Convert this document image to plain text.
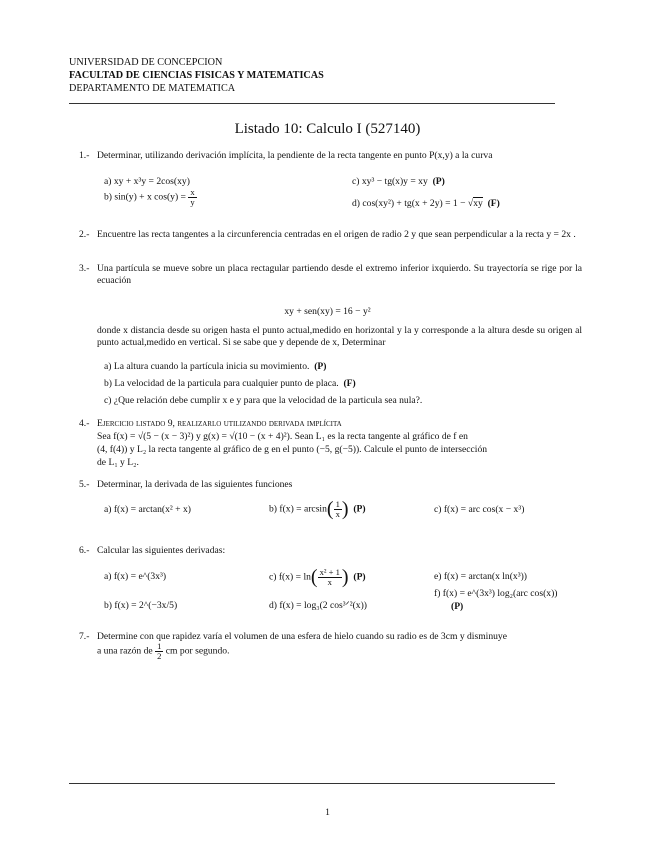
UNIVERSIDAD DE CONCEPCION
FACULTAD DE CIENCIAS FISICAS Y MATEMATICAS
DEPARTAMENTO DE MATEMATICA
Listado 10: Calculo I (527140)
1.- Determinar, utilizando derivación implícita, la pendiente de la recta tangente en punto P(x,y) a la curva
a) xy + x³y = 2cos(xy)
b) sin(y) + x $\cos(y) = \frac{x}{y}$
c) xy³ − tg(x)y = xy (P)
d) cos(xy²) + tg(x + 2y) = 1 − √xy (F)
2.- Encuentre las recta tangentes a la circunferencia centradas en el origen de radio 2 y que sean perpendicular a la recta y = 2x .
3.- Una partícula se mueve sobre un placa rectagular partiendo desde el extremo inferior ixquierdo. Su trayectoría se rige por la ecuación
xy + sen(xy) = 16 − y²
donde x distancia desde su origen hasta el punto actual,medido en horizontal y la y corresponde a la altura desde su origen al punto actual,medido en vertical. Si se sabe que y depende de x, Determinar
a) La altura cuando la partícula inicia su movimiento. (P)
b) La velocidad de la particula para cualquier punto de placa. (F)
c) ¿Que relación debe cumplir x e y para que la velocidad de la particula sea nula?.
4.- Ejercicio listado 9, realizarlo utilizando derivada implícita
Sea f(x) = √(5 − (x − 3)²) y g(x) = √(10 − (x + 4)²). Sean L₁ es la recta tangente al gráfico de f en
(4, f(4)) y L₂ la recta tangente al gráfico de g en el punto (−5, g(−5)). Calcule el punto de intersección
de L₁ y L₂.
5.- Determinar, la derivada de las siguientes funciones
a) f(x) = arctan(x² + x)	b) $f(x) = \arcsin( \frac{1}{x}$ ) (P)	c) f(x) = arc cos(x − x³)
6.- Calcular las siguientes derivadas:
a) f(x) = e^(3x³)
b) f(x) = 2^(−3x/5)
c) $f(x) = \ln( \frac{\text{x² + 1}}{x}$ ) (P)
d) f(x) = log₃(2 cos³ᐟ²(x))
e) f(x) = arctan(x ln(x³))
f) f(x) = e^(3x³) log₂(arc cos(x))
(P)
7.- Determine con que rapidez varía el volumen de una esfera de hielo cuando su radio es de 3cm y disminuye
a una razón de $\frac{1}{2}$ cm por segundo.
1
